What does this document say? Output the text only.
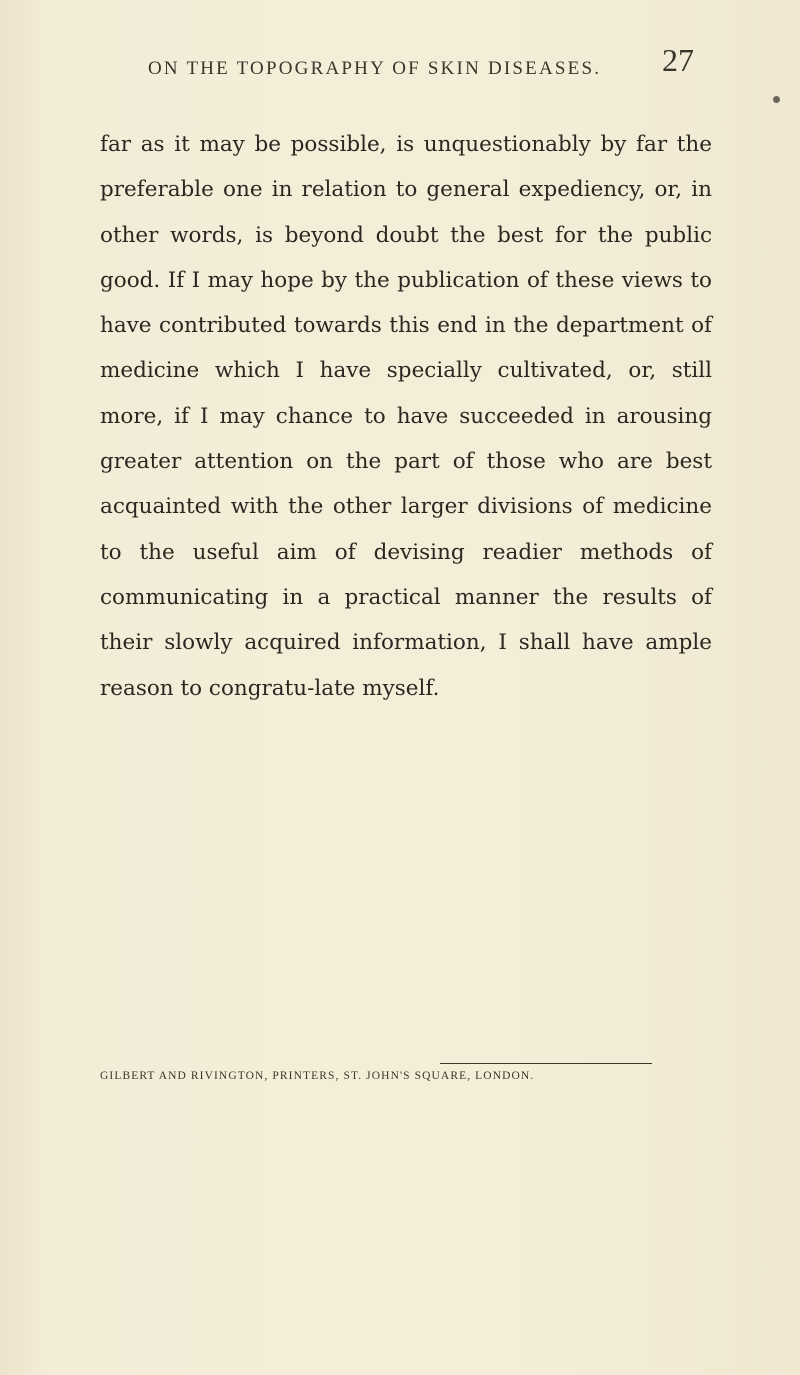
ON THE TOPOGRAPHY OF SKIN DISEASES.	27

far as it may be possible, is unquestionably by far the preferable one in relation to general expediency, or, in other words, is beyond doubt the best for the public good. If I may hope by the publication of these views to have contributed towards this end in the department of medicine which I have specially cultivated, or, still more, if I may chance to have succeeded in arousing greater attention on the part of those who are best acquainted with the other larger divisions of medicine to the useful aim of devising readier methods of communicating in a practical manner the results of their slowly acquired information, I shall have ample reason to congratu-late myself.

GILBERT AND RIVINGTON, PRINTERS, ST. JOHN'S SQUARE, LONDON.
